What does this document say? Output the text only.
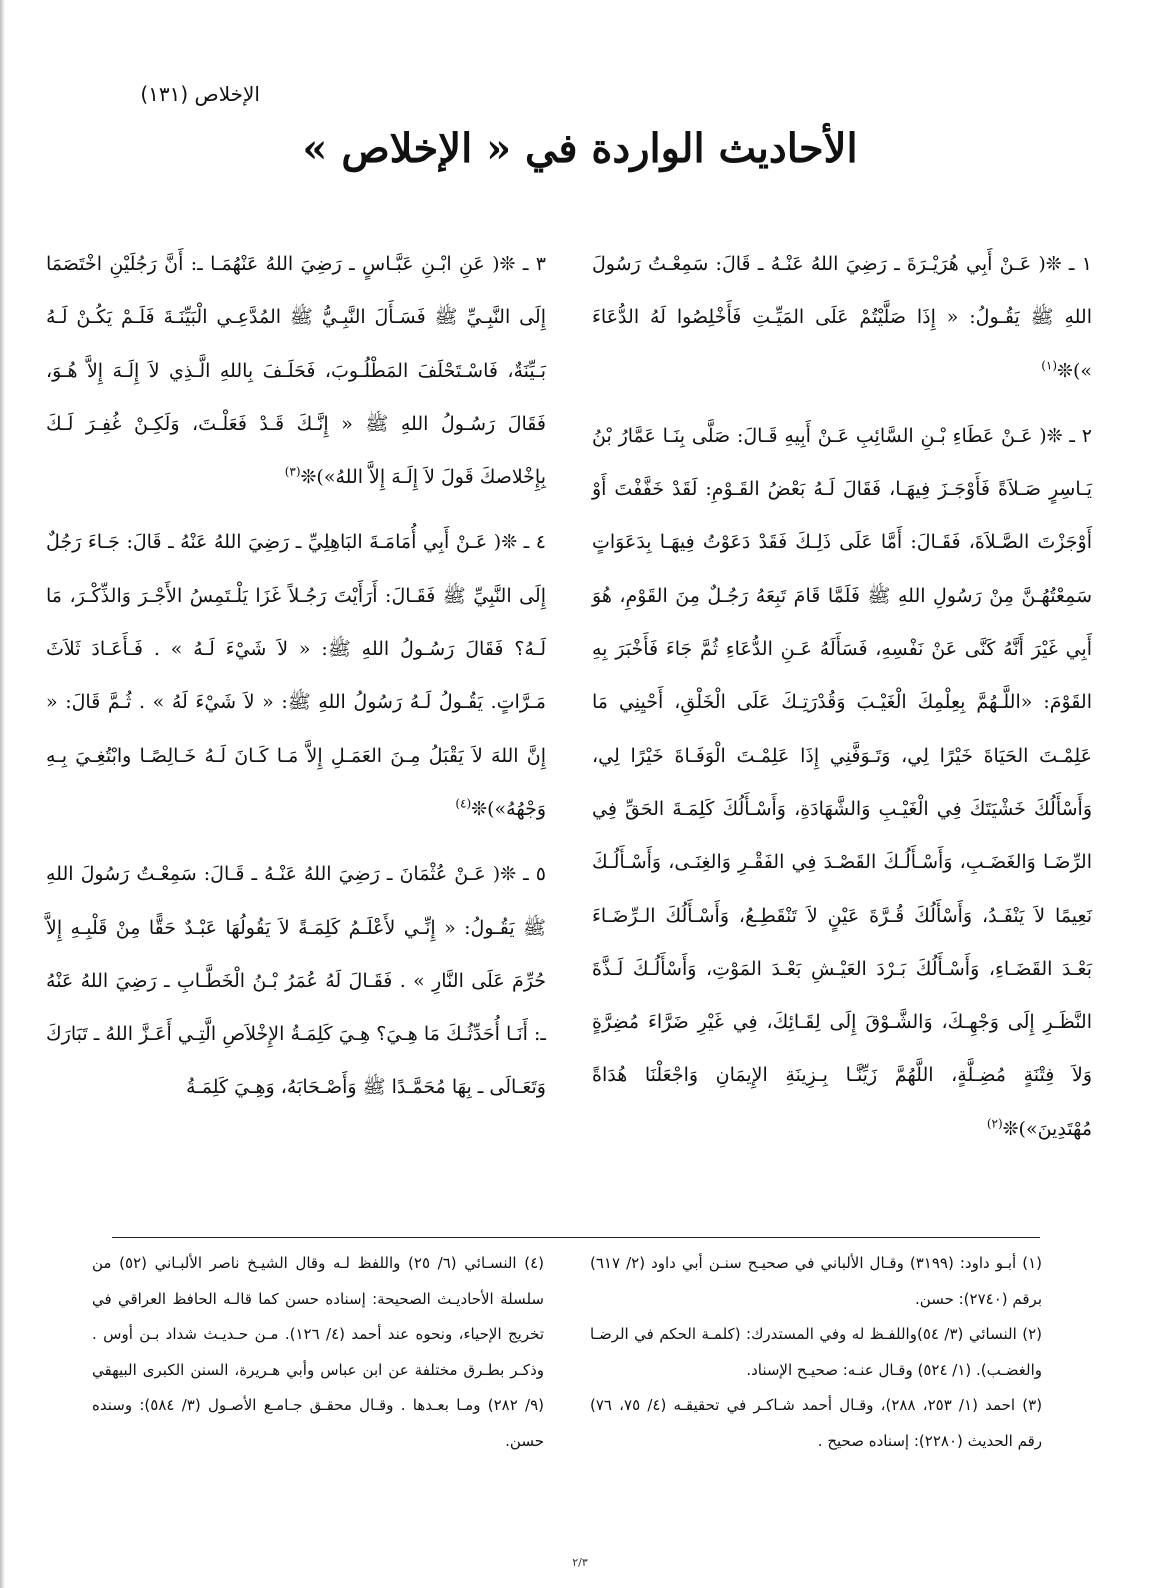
الإخلاص (١٣١)
الأحاديث الواردة في « الإخلاص »

١ ـ ❊( عَـنْ أَبِي هُرَيْـرَةَ ـ رَضِيَ اللهُ عَنْـهُ ـ قَالَ: سَمِعْـتُ رَسُولَ اللهِ ﷺ يَقُـولُ: « إِذَا صَلَّيْتُمْ عَلَى المَيِّـتِ فَأَخْلِصُوا لَهُ الدُّعَاءَ »)❊$^{(١)}$

٢ ـ ❊( عَـنْ عَطَاءِ بْـنِ السَّائِبِ عَـنْ أَبِيهِ قَـالَ: صَلَّى بِنَـا عَمَّارُ بْنُ يَـاسِرٍ صَـلاَةً فَأَوْجَـزَ فِيهَـا، فَقَالَ لَـهُ بَعْضُ القَـوْمِ: لَقَدْ خَفَّفْتَ أَوْ أَوْجَزْتَ الصَّـلاَةَ، فَقَـالَ: أَمَّا عَلَى ذَلِـكَ فَقَدْ دَعَوْتُ فِيهَـا بِدَعَوَاتٍ سَمِعْتُهُـنَّ مِنْ رَسُولِ اللهِ ﷺ فَلَمَّا قَامَ تَبِعَهُ رَجُـلٌ مِنَ القَوْمِ، هُوَ أَبِي غَيْرَ أَنَّهُ كَنَّى عَنْ نَفْسِهِ، فَسَأَلَهُ عَـنِ الدُّعَاءِ ثُمَّ جَاءَ فَأَخْبَرَ بِهِ القَوْمَ: «اللَّـهُمَّ بِعِلْمِكَ الْغَيْـبَ وَقُدْرَتِـكَ عَلَى الْخَلْقِ، أَحْيِنِي مَا عَلِمْـتَ الحَيَاةَ خَيْرًا لِي، وَتَـوَفَّنِي إِذَا عَلِمْـتَ الْوَفَـاةَ خَيْرًا لِي، وَأَسْأَلُكَ خَشْيَتَكَ فِي الْغَيْـبِ وَالشَّهَادَةِ، وَأَسْـأَلُكَ كَلِمَـةَ الحَقِّ فِي الرِّضَـا وَالغَضَـبِ، وَأَسْـأَلُـكَ القَصْـدَ فِي الفَقْـرِ وَالغِنَـى، وَأَسْـأَلُـكَ نَعِيمًا لاَ يَنْفَـدُ، وَأَسْأَلُكَ قُـرَّةَ عَيْنٍ لاَ تَنْقَطِـعُ، وَأَسْـأَلُكَ الـرِّضَـاءَ بَعْـدَ القَضَـاءِ، وَأَسْـأَلُكَ بَـرْدَ العَيْـشِ بَعْـدَ المَوْتِ، وَأَسْأَلُـكَ لَـذَّةَ النَّظَـرِ إِلَى وَجْهِـكَ، وَالشَّـوْقَ إِلَى لِقَـائِكَ، فِي غَيْرِ ضَرَّاءَ مُضِرَّةٍ وَلاَ فِتْنَةٍ مُضِـلَّةٍ، اللَّهُمَّ زَيِّنَّـا بِـزِينَةِ الإِيمَانِ وَاجْعَلْنَا هُدَاةً مُهْتَدِينَ»)❊$^{(٢)}$

٣ ـ ❊( عَنِ ابْـنِ عَبَّـاسٍ ـ رَضِيَ اللهُ عَنْهُمَـا ـ: أَنَّ رَجُلَيْنِ اخْتَصَمَا إِلَى النَّبِـيِّ ﷺ فَسَـأَلَ النَّبِـيُّ ﷺ المُدَّعِـي الْبَيِّنَـةَ فَلَـمْ يَكُـنْ لَـهُ بَـيِّنَةٌ، فَاسْـتَحْلَفَ المَطْلُـوبَ، فَحَلَـفَ بِاللهِ الَّـذِي لاَ إِلَـهَ إِلاَّ هُـوَ، فَقَالَ رَسُـولُ اللهِ ﷺ « إِنَّـكَ قَـدْ فَعَلْـتَ، وَلَكِـنْ غُفِـرَ لَـكَ بِإِخْلاصكَ قَولَ لاَ إِلَـهَ إِلاَّ اللهُ»)❊$^{(٣)}$

٤ ـ ❊( عَـنْ أَبِي أُمَامَـةَ البَاهِلِيِّ ـ رَضِيَ اللهُ عَنْهُ ـ قَالَ: جَـاءَ رَجُلٌ إِلَى النَّبِيِّ ﷺ فَقَـالَ: أَرَأَيْتَ رَجُـلاً غَزَا يَلْـتَمِسُ الأَجْـرَ وَالذِّكْـرَ، مَا لَـهُ؟ فَقَالَ رَسُـولُ اللهِ ﷺ: « لاَ شَيْءَ لَـهُ » . فَـأَعَـادَ ثَلاَثَ مَـرَّاتٍ. يَقُـولُ لَـهُ رَسُولُ اللهِ ﷺ: « لاَ شَيْءَ لَهُ » . ثُـمَّ قَالَ: « إِنَّ اللهَ لاَ يَقْبَلُ مِـنَ العَمَـلِ إِلاَّ مَـا كَـانَ لَـهُ خَـالِصًـا وابْتُغِـيَ بِـهِ وَجْهُهُ»)❊$^{(٤)}$

٥ ـ ❊( عَـنْ عُثْمَانَ ـ رَضِيَ اللهُ عَنْـهُ ـ قَـالَ: سَمِعْـتُ رَسُولَ اللهِ ﷺ يَقُـولُ: « إِنِّـي لأَعْلَـمُ كَلِمَـةً لاَ يَقُولُهَا عَبْـدٌ حَقًّا مِنْ قَلْبِـهِ إِلاَّ حُرِّمَ عَلَى النَّارِ » . فَقَـالَ لَهُ عُمَرُ بْـنُ الْخَطَّـابِ ـ رَضِيَ اللهُ عَنْهُ ـ: أَنَـا أُحَدِّثُـكَ مَا هِـيَ؟ هِـيَ كَلِمَـةُ الإِخْلاَصِ الَّتِـي أَعَـزَّ اللهُ ـ تَبَارَكَ وَتَعَـالَى ـ بِهَا مُحَمَّـدًا ﷺ وَأَصْـحَابَهُ، وَهِـيَ كَلِمَـةُ

(١) أبـو داود: (٣١٩٩) وقـال الألباني في صحيـح سنـن أبي داود (٢/ ٦١٧) برقم (٢٧٤٠): حسن.

(٢) النسائي (٣/ ٥٤)واللفـظ له وفي المستدرك: (كلمـة الحكم في الرضـا والغضـب). (١/ ٥٢٤) وقـال عنـه: صحيـح الإسناد.

(٣) احمد (١/ ٢٥٣، ٢٨٨)، وقـال أحمد شـاكـر في تحقيقـه (٤/ ٧٥، ٧٦) رقم الحديث (٢٢٨٠): إسناده صحيح .

(٤) النسـائي (٦/ ٢٥) واللفظ لـه وقال الشيـخ ناصر الألبـاني (٥٢) من سلسلة الأحاديـث الصحيحة: إسناده حسن كما قالـه الحافظ العراقي في تخريج الإحياء، ونحوه عند أحمد (٤/ ١٢٦). مـن حـديـث شداد بـن أوس . وذكـر بطـرق مختلفة عن ابن عباس وأبي هـريرة، السنن الكبرى البيهقي (٩/ ٢٨٢) ومـا بعـدها . وقـال محقـق جـامـع الأصـول (٣/ ٥٨٤): وسنده حسن.

٢/٣
